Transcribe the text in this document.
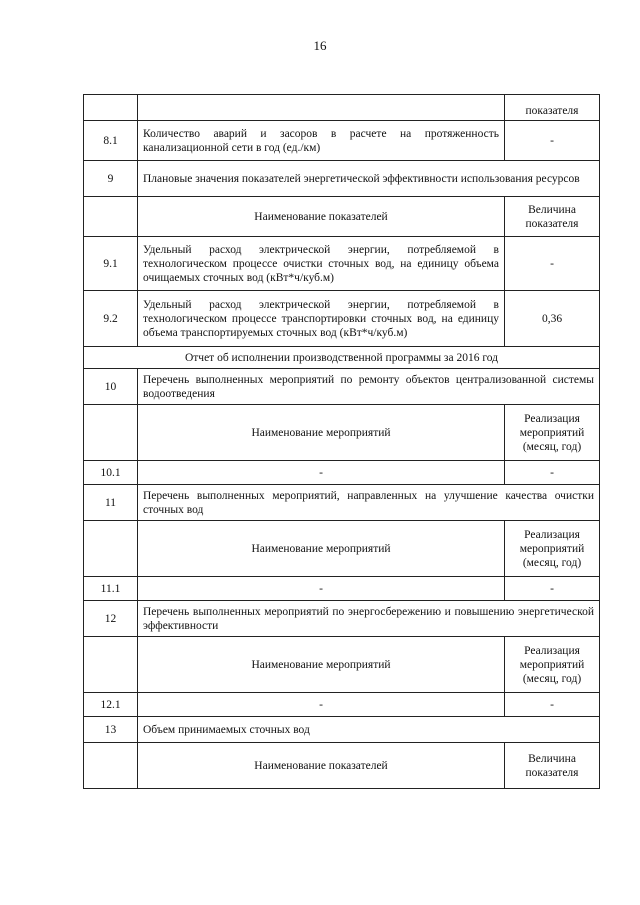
16
		показателя
8.1	Количество аварий и засоров в расчете на протяженность канализационной сети в год (ед./км)	-
9	Плановые значения показателей энергетической эффективности использования ресурсов	
	Наименование показателей	Величина показателя
9.1	Удельный расход электрической энергии, потребляемой в технологическом процессе очистки сточных вод, на единицу объема очищаемых сточных вод (кВт*ч/куб.м)	-
9.2	Удельный расход электрической энергии, потребляемой в технологическом процессе транспортировки сточных вод, на единицу объема транспортируемых сточных вод (кВт*ч/куб.м)	0,36
Отчет об исполнении производственной программы за 2016 год		
10	Перечень выполненных мероприятий по ремонту объектов централизованной системы водоотведения	
	Наименование мероприятий	Реализация мероприятий (месяц, год)
10.1	-	-
11	Перечень выполненных мероприятий, направленных на улучшение качества очистки сточных вод	
	Наименование мероприятий	Реализация мероприятий (месяц, год)
11.1	-	-
12	Перечень выполненных мероприятий по энергосбережению и повышению энергетической эффективности	
	Наименование мероприятий	Реализация мероприятий (месяц, год)
12.1	-	-
13	Объем принимаемых сточных вод	
	Наименование показателей	Величина показателя
